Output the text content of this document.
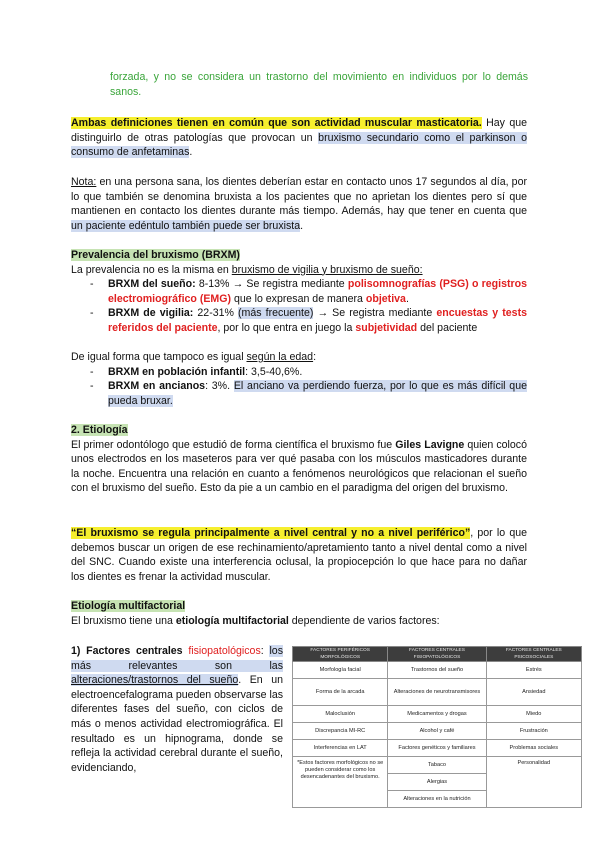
forzada, y no se considera un trastorno del movimiento en individuos por lo demás sanos.

Ambas definiciones tienen en común que son actividad muscular masticatoria. Hay que distinguirlo de otras patologías que provocan un bruxismo secundario como el parkinson o consumo de anfetaminas.

Nota: en una persona sana, los dientes deberían estar en contacto unos 17 segundos al día, por lo que también se denomina bruxista a los pacientes que no aprietan los dientes pero sí que mantienen en contacto los dientes durante más tiempo. Además, hay que tener en cuenta que un paciente edéntulo también puede ser bruxista.

Prevalencia del bruxismo (BRXM)

La prevalencia no es la misma en bruxismo de vigilia y bruxismo de sueño:

- BRXM del sueño: 8-13% → Se registra mediante polisomnografías (PSG) o registros electromiográfico (EMG) que lo expresan de manera objetiva.
- BRXM de vigilia: 22-31% (más frecuente) → Se registra mediante encuestas y tests referidos del paciente, por lo que entra en juego la subjetividad del paciente

De igual forma que tampoco es igual según la edad:

- BRXM en población infantil: 3,5-40,6%.
- BRXM en ancianos: 3%. El anciano va perdiendo fuerza, por lo que es más difícil que pueda bruxar.

2. Etiología

El primer odontólogo que estudió de forma científica el bruxismo fue Giles Lavigne quien colocó unos electrodos en los maseteros para ver qué pasaba con los músculos masticadores durante la noche. Encuentra una relación en cuanto a fenómenos neurológicos que relacionan el sueño con el bruxismo del sueño. Esto da pie a un cambio en el paradigma del origen del bruxismo.

“El bruxismo se regula principalmente a nivel central y no a nivel periférico”, por lo que debemos buscar un origen de ese rechinamiento/apretamiento tanto a nivel dental como a nivel del SNC. Cuando existe una interferencia oclusal, la propiocepción lo que hace para no dañar los dientes es frenar la actividad muscular.

Etiología multifactorial

El bruxismo tiene una etiología multifactorial dependiente de varios factores:

1) Factores centrales fisiopatológicos: los más relevantes son las alteraciones/trastornos del sueño. En un electroencefalograma pueden observarse las diferentes fases del sueño, con ciclos de más o menos actividad electromiográfica. El resultado es un hipnograma, donde se refleja la actividad cerebral durante el sueño, evidenciando,

FACTORES PERIFÉRICOS MORFOLÓGICOS	FACTORES CENTRALES FISIOPATOLÓGICOS	FACTORES CENTRALES PSICOSOCIALES
Morfología facial	Trastornos del sueño	Estrés
Forma de la arcada	Alteraciones de neurotransmisores	Ansiedad
Maloclusión	Medicamentos y drogas	Miedo
Discrepancia MI-RC	Alcohol y café	Frustración
Interferencias en LAT	Factores genéticos y familiares	Problemas sociales
*Estos factores morfológicos no se pueden considerar como los desencadenantes del bruxismo.	Tabaco	Personalidad
	Alergias	
	Alteraciones en la nutrición	
